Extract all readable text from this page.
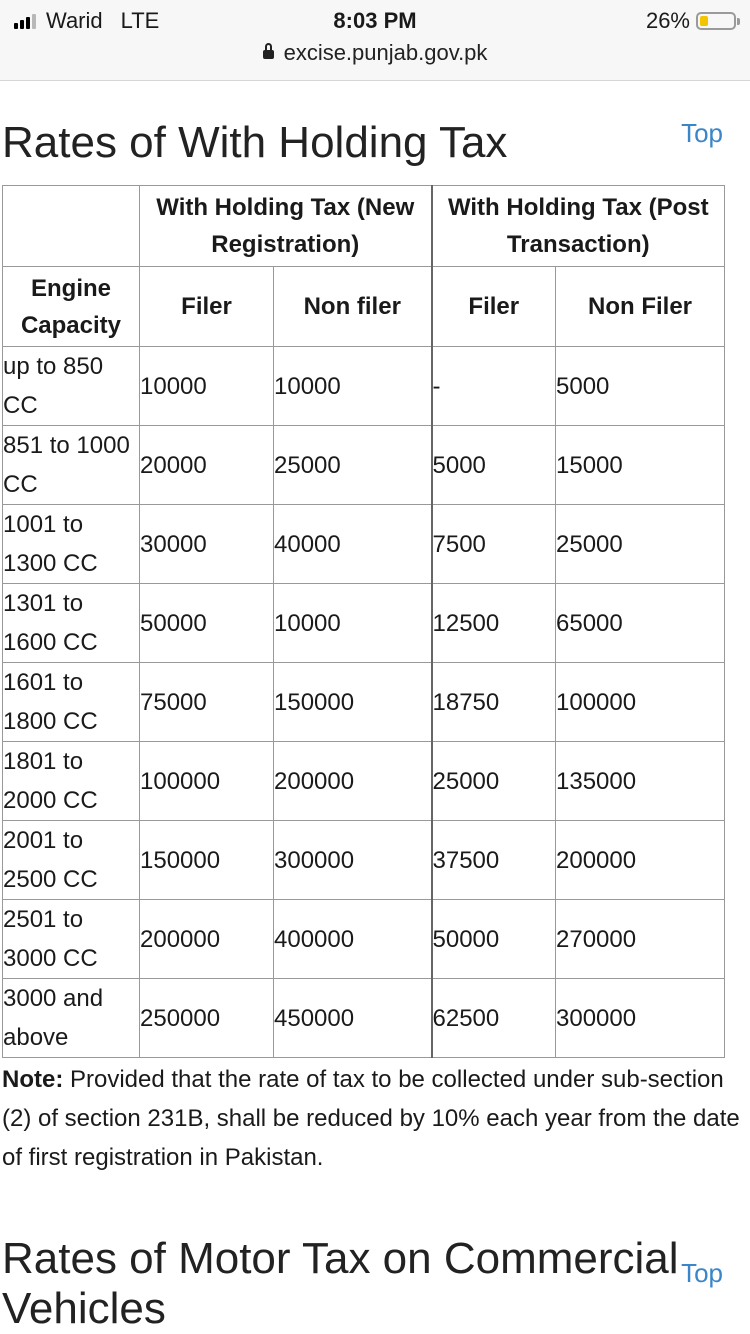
Warid LTE	8:03 PM	26%
excise.punjab.gov.pk
Rates of With Holding Tax	Top
	With Holding Tax (New Registration)		With Holding Tax (Post Transaction)	
Engine Capacity	Filer	Non filer	Filer	Non Filer
up to 850 CC	10000	10000	-	5000
851 to 1000 CC	20000	25000	5000	15000
1001 to 1300 CC	30000	40000	7500	25000
1301 to 1600 CC	50000	10000	12500	65000
1601 to 1800 CC	75000	150000	18750	100000
1801 to 2000 CC	100000	200000	25000	135000
2001 to 2500 CC	150000	300000	37500	200000
2501 to 3000 CC	200000	400000	50000	270000
3000 and above	250000	450000	62500	300000

Note: Provided that the rate of tax to be collected under sub-section (2) of section 231B, shall be reduced by 10% each year from the date of first registration in Pakistan.

Rates of Motor Tax on Commercial Vehicles
Top
